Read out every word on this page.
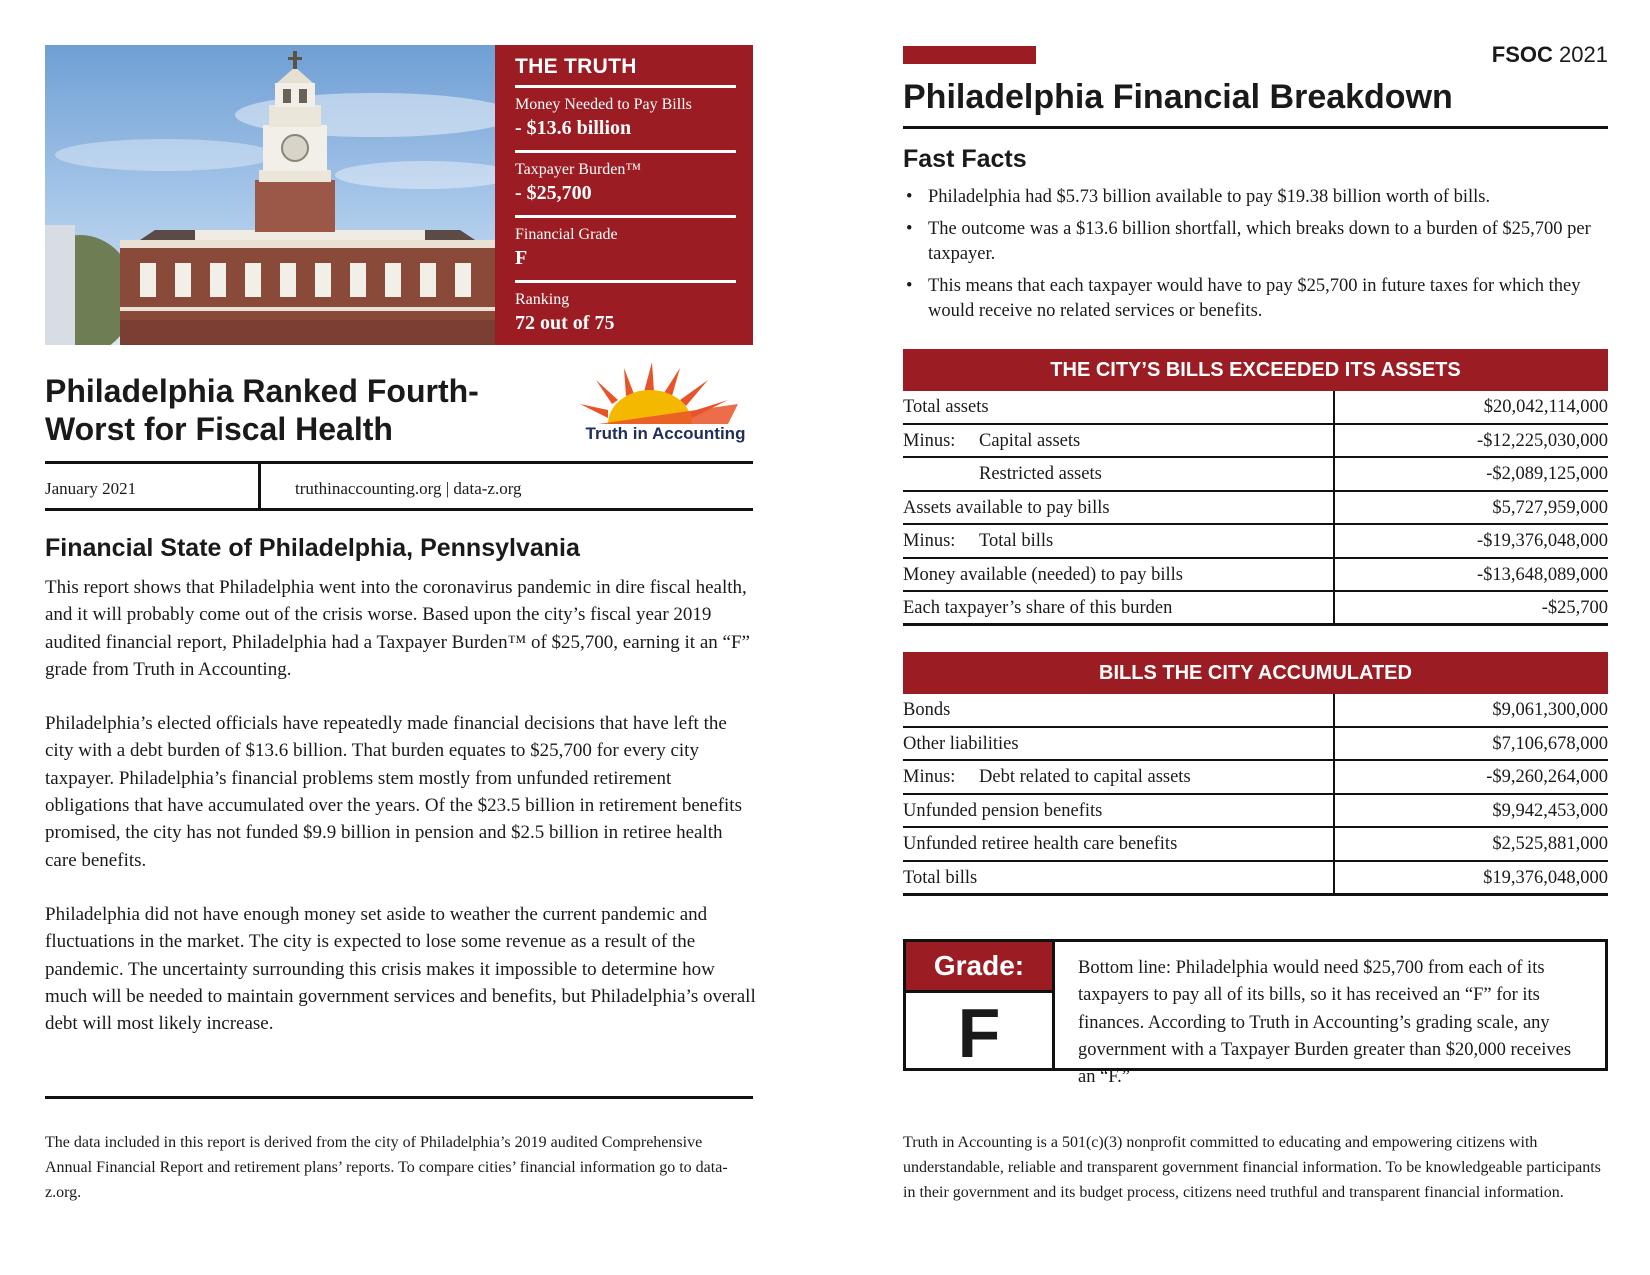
THE TRUTH
Money Needed to Pay Bills
- $13.6 billion
Taxpayer Burden™
- $25,700
Financial Grade
F
Ranking
72 out of 75
Philadelphia Ranked Fourth-
Worst for Fiscal Health	Truth in Accounting
January 2021	truthinaccounting.org | data-z.org
Financial State of Philadelphia, Pennsylvania

This report shows that Philadelphia went into the coronavirus pandemic in dire fiscal health, and it will probably come out of the crisis worse. Based upon the city’s fiscal year 2019 audited financial report, Philadelphia had a Taxpayer Burden™ of $25,700, earning it an “F” grade from Truth in Accounting.

Philadelphia’s elected officials have repeatedly made financial decisions that have left the city with a debt burden of $13.6 billion. That burden equates to $25,700 for every city taxpayer. Philadelphia’s financial problems stem mostly from unfunded retirement obligations that have accumulated over the years. Of the $23.5 billion in retirement benefits promised, the city has not funded $9.9 billion in pension and $2.5 billion in retiree health care benefits.

Philadelphia did not have enough money set aside to weather the current pandemic and fluctuations in the market. The city is expected to lose some revenue as a result of the pandemic. The uncertainty surrounding this crisis makes it impossible to determine how much will be needed to maintain government services and benefits, but Philadelphia’s overall debt will most likely increase.

The data included in this report is derived from the city of Philadelphia’s 2019 audited Comprehensive Annual Financial Report and retirement plans’ reports. To compare cities’ financial information go to data-z.org.
FSOC 2021
Philadelphia Financial Breakdown
Fast Facts
• Philadelphia had $5.73 billion available to pay $19.38 billion worth of bills.
• The outcome was a $13.6 billion shortfall, which breaks down to a burden of $25,700 per taxpayer.
• This means that each taxpayer would have to pay $25,700 in future taxes for which they would receive no related services or benefits.
THE CITY’S BILLS EXCEEDED ITS ASSETS
Total assets	$20,042,114,000
Minus: Capital assets	-$12,225,030,000
Restricted assets	-$2,089,125,000
Assets available to pay bills	$5,727,959,000
Minus: Total bills	-$19,376,048,000
Money available (needed) to pay bills	-$13,648,089,000
Each taxpayer’s share of this burden	-$25,700
BILLS THE CITY ACCUMULATED
Bonds	$9,061,300,000
Other liabilities	$7,106,678,000
Minus: Debt related to capital assets	-$9,260,264,000
Unfunded pension benefits	$9,942,453,000
Unfunded retiree health care benefits	$2,525,881,000
Total bills	$19,376,048,000
Grade:
F
Bottom line: Philadelphia would need $25,700 from each of its taxpayers to pay all of its bills, so it has received an “F” for its finances. According to Truth in Accounting’s grading scale, any government with a Taxpayer Burden greater than $20,000 receives an “F.”
Truth in Accounting is a 501(c)(3) nonprofit committed to educating and empowering citizens with understandable, reliable and transparent government financial information. To be knowledgeable participants in their government and its budget process, citizens need truthful and transparent financial information.
